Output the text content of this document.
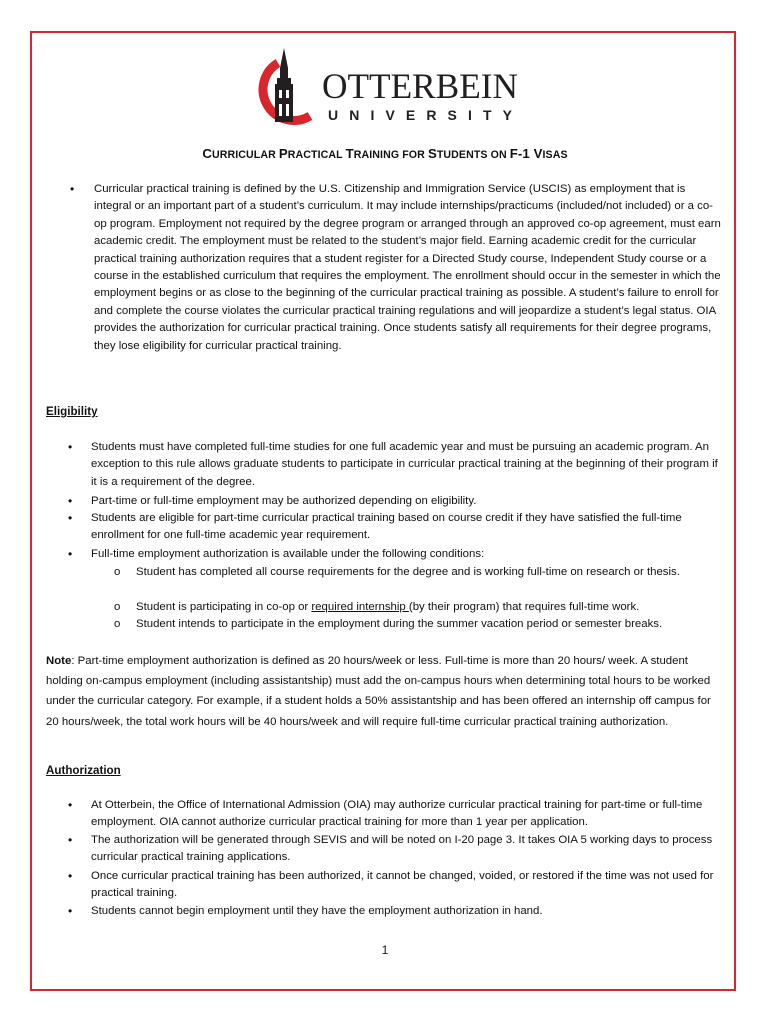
OTTERBEIN
UNIVERSITY
CURRICULAR PRACTICAL TRAINING FOR STUDENTS ON F-1 VISAS
• Curricular practical training is defined by the U.S. Citizenship and Immigration Service (USCIS) as employment that is integral or an important part of a student’s curriculum. It may include internships/practicums (included/not included) or a co-op program. Employment not required by the degree program or arranged through an approved co-op agreement, must earn academic credit. The employment must be related to the student’s major field. Earning academic credit for the curricular practical training authorization requires that a student register for a Directed Study course, Independent Study course or a course in the established curriculum that requires the employment. The enrollment should occur in the semester in which the employment begins or as close to the beginning of the curricular practical training as possible. A student’s failure to enroll for and complete the course violates the curricular practical training regulations and will jeopardize a student’s legal status. OIA provides the authorization for curricular practical training. Once students satisfy all requirements for their degree programs, they lose eligibility for curricular practical training.
Eligibility
• Students must have completed full-time studies for one full academic year and must be pursuing an academic program. An exception to this rule allows graduate students to participate in curricular practical training at the beginning of their program if it is a requirement of the degree.
• Part-time or full-time employment may be authorized depending on eligibility.
• Students are eligible for part-time curricular practical training based on course credit if they have satisfied the full-time enrollment for one full-time academic year requirement.
• Full-time employment authorization is available under the following conditions:
o Student has completed all course requirements for the degree and is working full-time on research or thesis.
o Student is participating in co-op or required internship (by their program) that requires full-time work.
o Student intends to participate in the employment during the summer vacation period or semester breaks.
Note: Part-time employment authorization is defined as 20 hours/week or less. Full-time is more than 20 hours/ week. A student holding on-campus employment (including assistantship) must add the on-campus hours when determining total hours to be worked under the curricular category. For example, if a student holds a 50% assistantship and has been offered an internship off campus for 20 hours/week, the total work hours will be 40 hours/week and will require full-time curricular practical training authorization.
Authorization
• At Otterbein, the Office of International Admission (OIA) may authorize curricular practical training for part-time or full-time employment. OIA cannot authorize curricular practical training for more than 1 year per application.
• The authorization will be generated through SEVIS and will be noted on I-20 page 3. It takes OIA 5 working days to process curricular practical training applications.
• Once curricular practical training has been authorized, it cannot be changed, voided, or restored if the time was not used for practical training.
• Students cannot begin employment until they have the employment authorization in hand.
1
